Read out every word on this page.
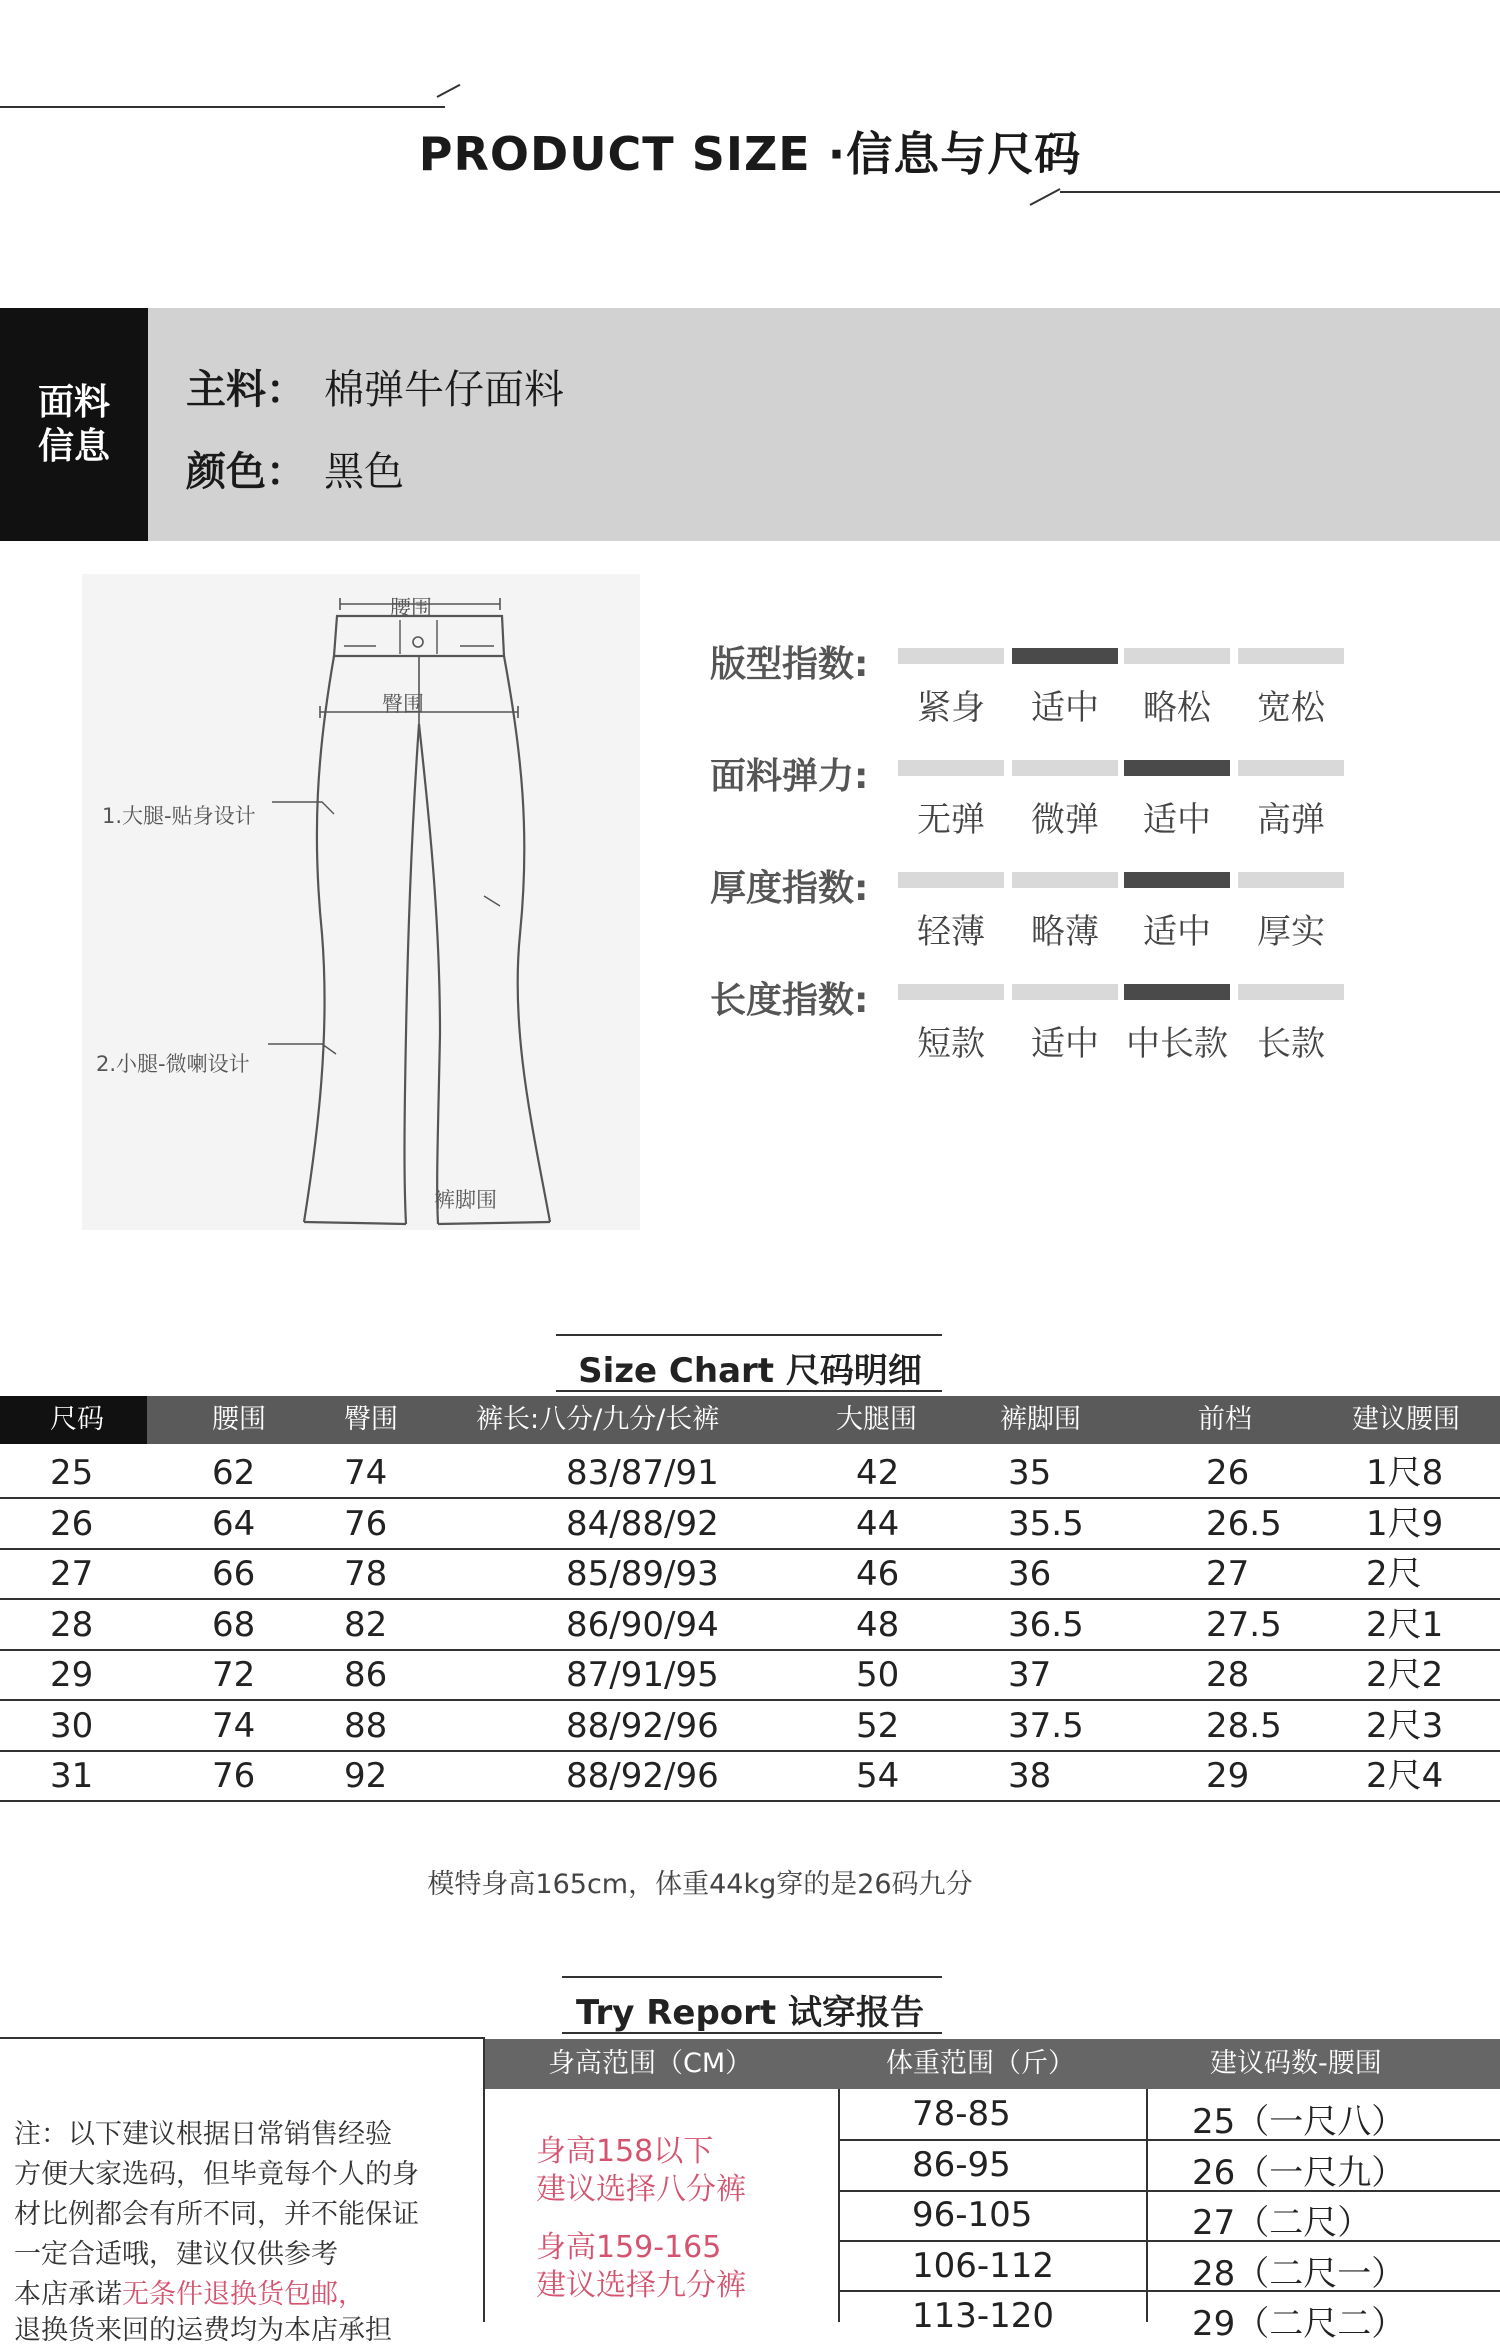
PRODUCT SIZE ·信息与尺码
面料信息
主料： 棉弹牛仔面料
颜色： 黑色
腰围
臀围
1.大腿-贴身设计
2.小腿-微喇设计
裤脚围
版型指数:
紧身	适中	略松	宽松
面料弹力:
无弹	微弹	适中	高弹
厚度指数:
轻薄	略薄	适中	厚实
长度指数:
短款	适中 中长款 长款
Size Chart 尺码明细
尺码	腰围	臀围	裤长:八分/九分/长裤	大腿围	裤脚围	前档	建议腰围
25	62	74	83/87/91	42	35	26	1尺8
26	64	76	84/88/92	44	35.5	26.5 1尺9
27	66	78	85/89/93	46	36	27	2尺
28	68	82	86/90/94	48	36.5	27.5 2尺1
29	72	86	87/91/95	50	37	28	2尺2
30	74	88	88/92/96	52	37.5	28.5 2尺3
31	76	92	88/92/96	54	38	29	2尺4
模特身高165cm，体重44kg穿的是26码九分
Try Report 试穿报告
身高范围（CM）	体重范围（斤）	建议码数-腰围
注：以下建议根据日常销售经验
方便大家选码，但毕竟每个人的身
材比例都会有所不同，并不能保证
一定合适哦，建议仅供参考
本店承诺无条件退换货包邮，
退换货来回的运费均为本店承担
身高158以下
建议选择八分裤
身高159-165
建议选择九分裤
78-85	25（一尺八）
86-95	26（一尺九）
96-105	27（二尺）
106-112	28（二尺一）
113-120	29（二尺二）
